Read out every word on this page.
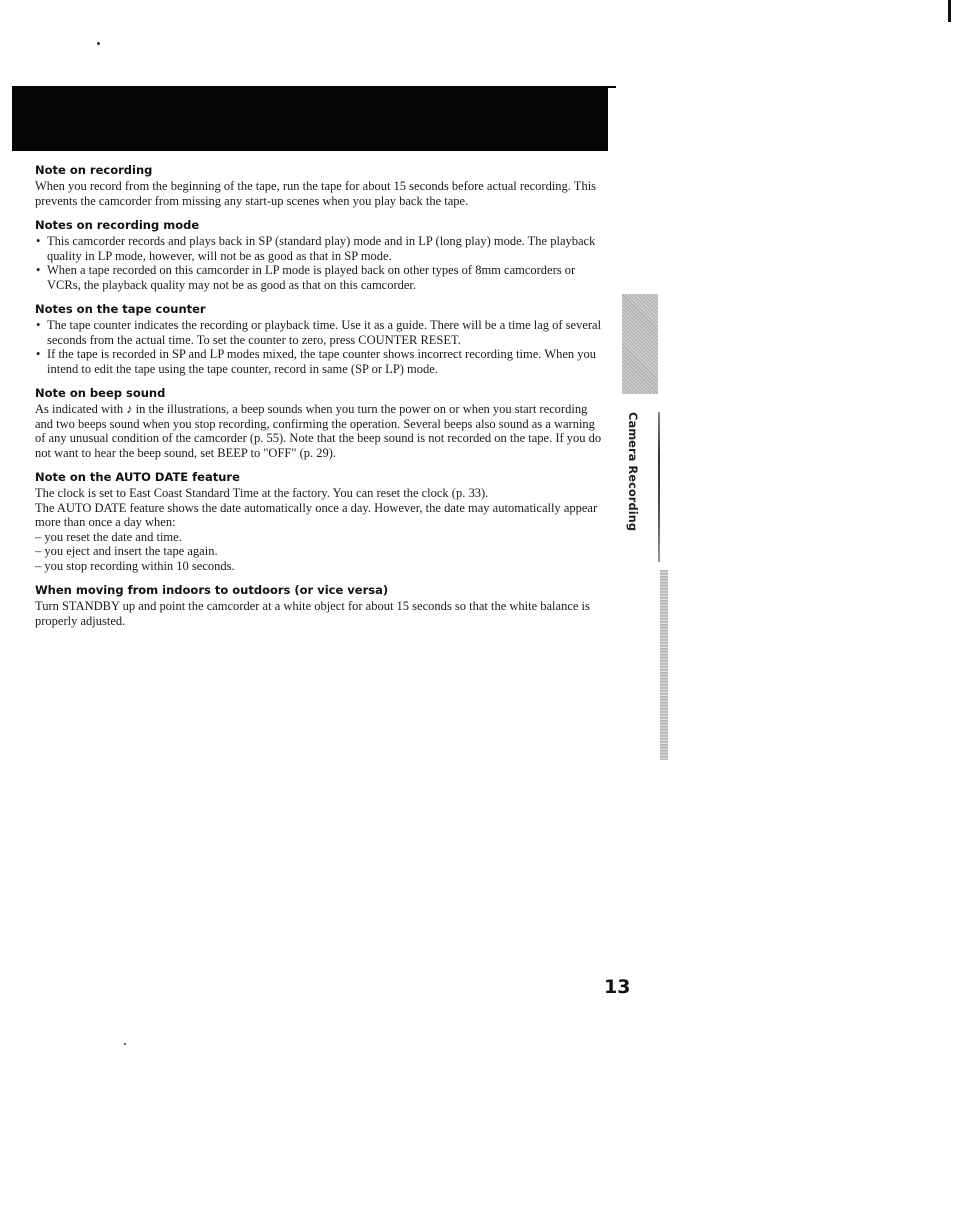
Note on recording

When you record from the beginning of the tape, run the tape for about 15 seconds before actual recording. This prevents the camcorder from missing any start-up scenes when you play back the tape.

Notes on recording mode
• This camcorder records and plays back in SP (standard play) mode and in LP (long play) mode. The playback quality in LP mode, however, will not be as good as that in SP mode.
• When a tape recorded on this camcorder in LP mode is played back on other types of 8mm camcorders or VCRs, the playback quality may not be as good as that on this camcorder.
Notes on the tape counter
• The tape counter indicates the recording or playback time. Use it as a guide. There will be a time lag of several seconds from the actual time. To set the counter to zero, press COUNTER RESET.
• If the tape is recorded in SP and LP modes mixed, the tape counter shows incorrect recording time. When you intend to edit the tape using the tape counter, record in same (SP or LP) mode.
Note on beep sound

As indicated with ♪ in the illustrations, a beep sounds when you turn the power on or when you start recording and two beeps sound when you stop recording, confirming the operation. Several beeps also sound as a warning of any unusual condition of the camcorder (p. 55). Note that the beep sound is not recorded on the tape. If you do not want to hear the beep sound, set BEEP to "OFF" (p. 29).

Note on the AUTO DATE feature

The clock is set to East Coast Standard Time at the factory. You can reset the clock (p. 33).

The AUTO DATE feature shows the date automatically once a day. However, the date may automatically appear more than once a day when:

– you reset the date and time.
– you eject and insert the tape again.
– you stop recording within 10 seconds.
When moving from indoors to outdoors (or vice versa)

Turn STANDBY up and point the camcorder at a white object for about 15 seconds so that the white balance is properly adjusted.

Camera Recording
13
